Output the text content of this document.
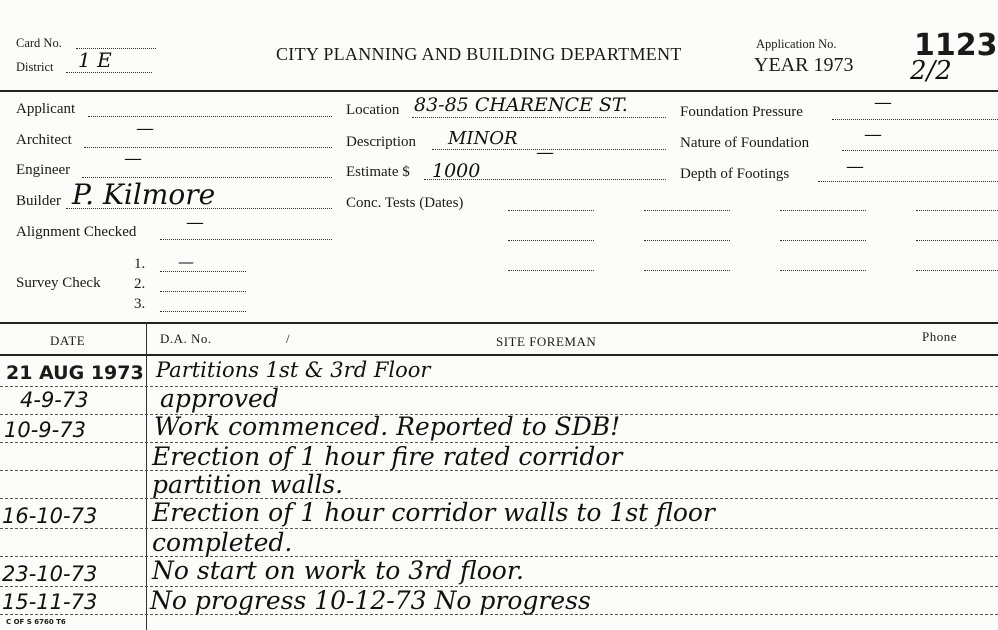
Card No.
District 1 E	CITY PLANNING AND BUILDING DEPARTMENT	Application No.
YEAR 1973
1123
2/2
Applicant
Architect
—
Engineer
—
Builder P. Kilmore
Alignment Checked	—
Survey Check
1. —
2.
3.
Location 83-85 CHARENCE ST.
Description MINOR
—
Estimate $ 1000
Conc. Tests (Dates)
Foundation Pressure	—
Nature of Foundation	—
Depth of Footings	—
DATE	D.A. No.	/	SITE FOREMAN	Phone
21 AUG 1973 Partitions 1st & 3rd Floor
4-9-73	approved
10-9-73	Work commenced. Reported to SDB!
Erection of 1 hour fire rated corridor
partition walls.
16-10-73 Erection of 1 hour corridor walls to 1st floor
completed.
23-10-73 No start on work to 3rd floor.
15-11-73 No progress 10-12-73 No progress
C OF S 6760 T6
